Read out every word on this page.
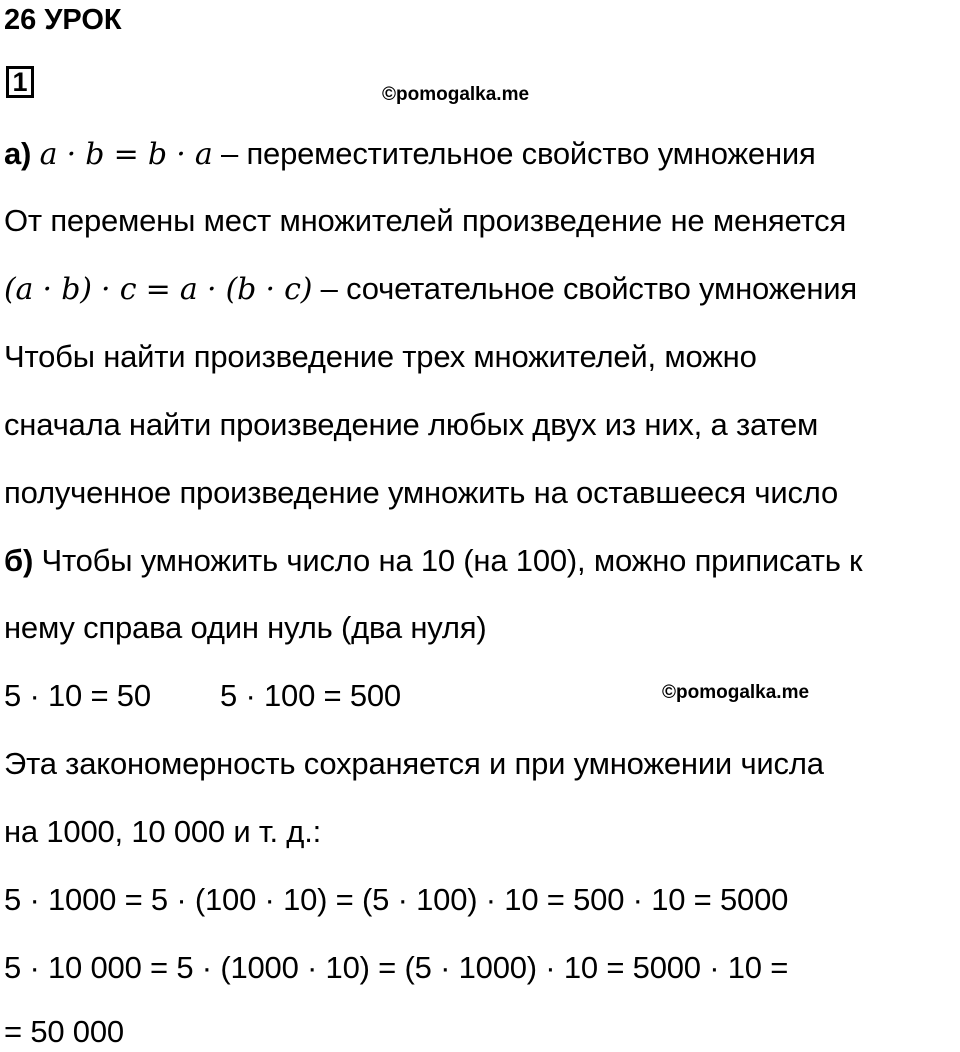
26 УРОК
1	©pomogalka.me
а) a · b = b · a – переместительное свойство умножения
От перемены мест множителей произведение не меняется
(a · b) · c = a · (b · c) – сочетательное свойство умножения
Чтобы найти произведение трех множителей, можно
сначала найти произведение любых двух из них, а затем
полученное произведение умножить на оставшееся число
б) Чтобы умножить число на 10 (на 100), можно приписать к
нему справа один нуль (два нуля)
5 · 10 = 50 5 · 100 = 500	©pomogalka.me
Эта закономерность сохраняется и при умножении числа
на 1000, 10 000 и т. д.:
5 · 1000 = 5 · (100 · 10) = (5 · 100) · 10 = 500 · 10 = 5000
5 · 10 000 = 5 · (1000 · 10) = (5 · 1000) · 10 = 5000 · 10 =
= 50 000
